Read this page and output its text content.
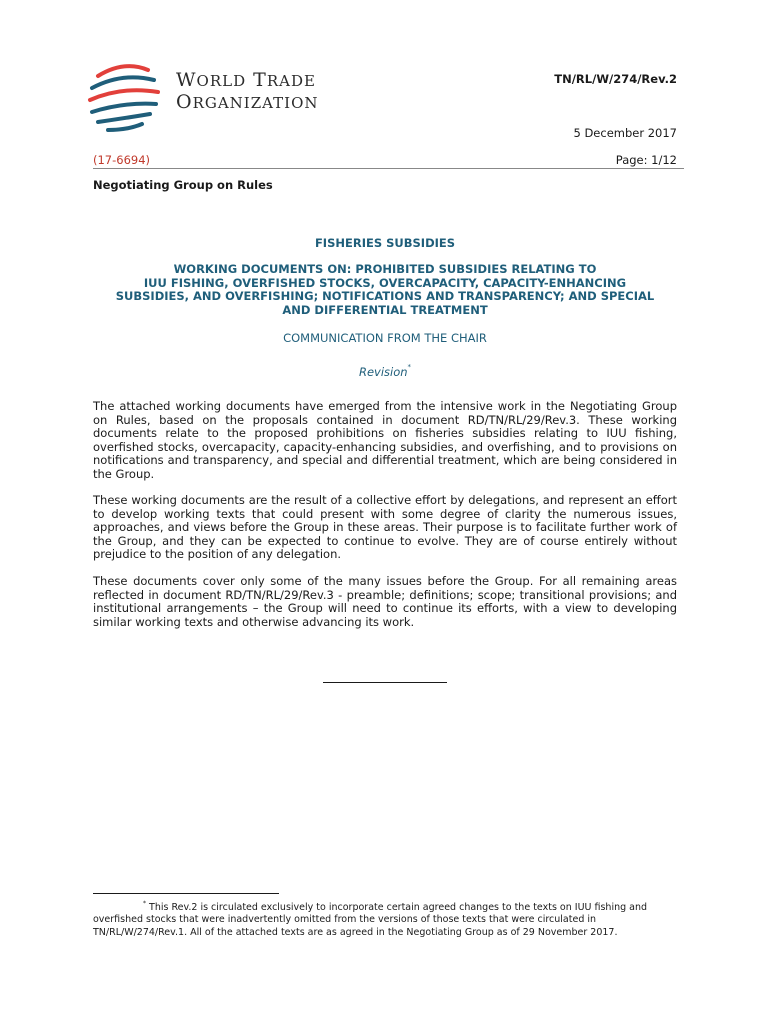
WORLD TRADE
ORGANIZATION
TN/RL/W/274/Rev.2
5 December 2017
(17-6694)	Page: 1/12
Negotiating Group on Rules
FISHERIES SUBSIDIES
WORKING DOCUMENTS ON: PROHIBITED SUBSIDIES RELATING TO
IUU FISHING, OVERFISHED STOCKS, OVERCAPACITY, CAPACITY-ENHANCING
SUBSIDIES, AND OVERFISHING; NOTIFICATIONS AND TRANSPARENCY; AND SPECIAL
AND DIFFERENTIAL TREATMENT
COMMUNICATION FROM THE CHAIR
Revision*
The attached working documents have emerged from the intensive work in the Negotiating Group on Rules, based on the proposals contained in document RD/TN/RL/29/Rev.3. These working documents relate to the proposed prohibitions on fisheries subsidies relating to IUU fishing, overfished stocks, overcapacity, capacity-enhancing subsidies, and overfishing, and to provisions on notifications and transparency, and special and differential treatment, which are being considered in the Group.
These working documents are the result of a collective effort by delegations, and represent an effort to develop working texts that could present with some degree of clarity the numerous issues, approaches, and views before the Group in these areas. Their purpose is to facilitate further work of the Group, and they can be expected to continue to evolve. They are of course entirely without prejudice to the position of any delegation.
These documents cover only some of the many issues before the Group. For all remaining areas reflected in document RD/TN/RL/29/Rev.3 - preamble; definitions; scope; transitional provisions; and institutional arrangements – the Group will need to continue its efforts, with a view to developing similar working texts and otherwise advancing its work.
* This Rev.2 is circulated exclusively to incorporate certain agreed changes to the texts on IUU fishing and overfished stocks that were inadvertently omitted from the versions of those texts that were circulated in TN/RL/W/274/Rev.1. All of the attached texts are as agreed in the Negotiating Group as of 29 November 2017.
